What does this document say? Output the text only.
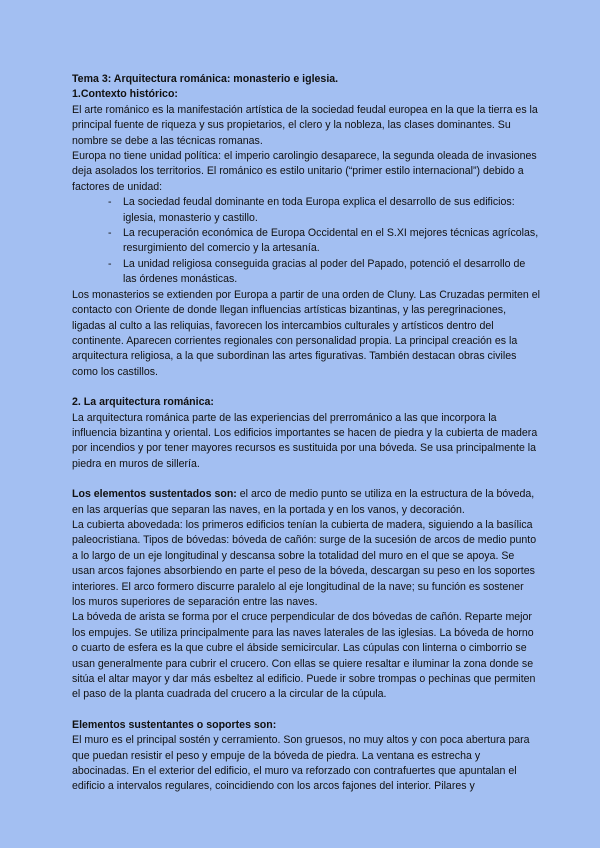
Tema 3: Arquitectura románica: monasterio e iglesia.

1.Contexto histórico:

El arte románico es la manifestación artística de la sociedad feudal europea en la que la tierra es la principal fuente de riqueza y sus propietarios, el clero y la nobleza, las clases dominantes. Su nombre se debe a las técnicas romanas.

Europa no tiene unidad política: el imperio carolingio desaparece, la segunda oleada de invasiones deja asolados los territorios. El románico es estilo unitario (“primer estilo internacional”) debido a factores de unidad:

- La sociedad feudal dominante en toda Europa explica el desarrollo de sus edificios: iglesia, monasterio y castillo.
- La recuperación económica de Europa Occidental en el S.XI mejores técnicas agrícolas, resurgimiento del comercio y la artesanía.
- La unidad religiosa conseguida gracias al poder del Papado, potenció el desarrollo de las órdenes monásticas.

Los monasterios se extienden por Europa a partir de una orden de Cluny. Las Cruzadas permiten el contacto con Oriente de donde llegan influencias artísticas bizantinas, y las peregrinaciones, ligadas al culto a las reliquias, favorecen los intercambios culturales y artísticos dentro del continente. Aparecen corrientes regionales con personalidad propia. La principal creación es la arquitectura religiosa, a la que subordinan las artes figurativas. También destacan obras civiles como los castillos.

2. La arquitectura románica:

La arquitectura románica parte de las experiencias del prerrománico a las que incorpora la influencia bizantina y oriental. Los edificios importantes se hacen de piedra y la cubierta de madera por incendios y por tener mayores recursos es sustituida por una bóveda. Se usa principalmente la piedra en muros de sillería.

Los elementos sustentados son: el arco de medio punto se utiliza en la estructura de la bóveda, en las arquerías que separan las naves, en la portada y en los vanos, y decoración.

La cubierta abovedada: los primeros edificios tenían la cubierta de madera, siguiendo a la basílica paleocristiana. Tipos de bóvedas: bóveda de cañón: surge de la sucesión de arcos de medio punto a lo largo de un eje longitudinal y descansa sobre la totalidad del muro en el que se apoya. Se usan arcos fajones absorbiendo en parte el peso de la bóveda, descargan su peso en los soportes interiores. El arco formero discurre paralelo al eje longitudinal de la nave; su función es sostener los muros superiores de separación entre las naves.

La bóveda de arista se forma por el cruce perpendicular de dos bóvedas de cañón. Reparte mejor los empujes. Se utiliza principalmente para las naves laterales de las iglesias. La bóveda de horno o cuarto de esfera es la que cubre el ábside semicircular. Las cúpulas con linterna o cimborrio se usan generalmente para cubrir el crucero. Con ellas se quiere resaltar e iluminar la zona donde se sitúa el altar mayor y dar más esbeltez al edificio. Puede ir sobre trompas o pechinas que permiten el paso de la planta cuadrada del crucero a la circular de la cúpula.

Elementos sustentantes o soportes son:

El muro es el principal sostén y cerramiento. Son gruesos, no muy altos y con poca abertura para que puedan resistir el peso y empuje de la bóveda de piedra. La ventana es estrecha y abocinadas. En el exterior del edificio, el muro va reforzado con contrafuertes que apuntalan el edificio a intervalos regulares, coincidiendo con los arcos fajones del interior. Pilares y
